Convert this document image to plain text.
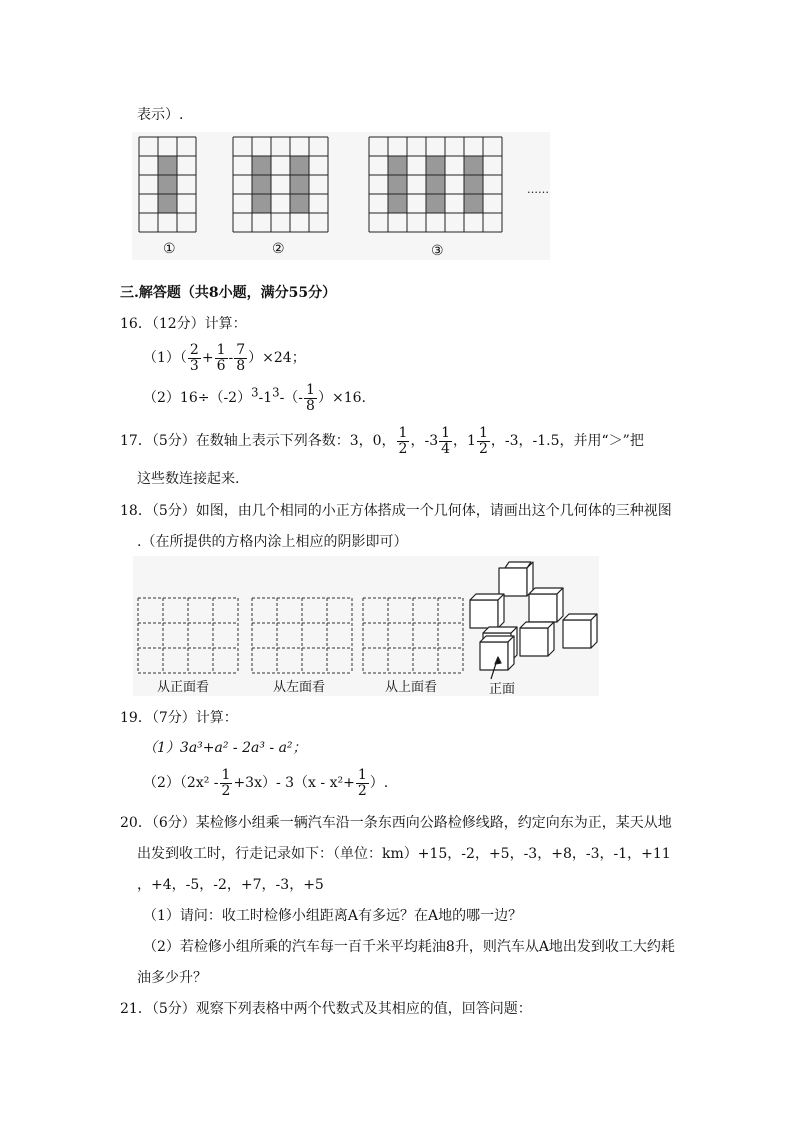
表示）.
①	②	③
……
三.解答题（共8小题，满分55分）
16．（12分）计算：
$(1)( \frac{2}{3} + \frac{1}{6} - \frac{7}{8} )\times 24$；
$(2)16\div(-2)^3-1^3-(- \frac{1}{8} )\times 16$.
17．（5分）在数轴上表示下列各数：3，0， $\frac{1}{2}$ ，$-3 \frac{1}{4}$ ，$1 \frac{1}{2}$ ，-3，-1.5，并用“＞”把
这些数连接起来.
18．（5分）如图，由几个相同的小正方体搭成一个几何体，请画出这个几何体的三种视图
.（在所提供的方格内涂上相应的阴影即可）
从正面看	从左面看	从上面看	正面
19．（7分）计算：
（1）3a³+a² - 2a³ - a²；
$(2)(2x^2 - \frac{1}{2} +3x)-$ $3(x - x^2+ \frac{1}{2}$ ）.
20．（6分）某检修小组乘一辆汽车沿一条东西向公路检修线路，约定向东为正，某天从地
出发到收工时，行走记录如下：（单位：km）+15，-2，+5，-3，+8，-3，-1，+11
，+4，-5，-2，+7，-3，+5
（1）请问：收工时检修小组距离A有多远？在A地的哪一边？
（2）若检修小组所乘的汽车每一百千米平均耗油8升，则汽车从A地出发到收工大约耗
油多少升？
21．（5分）观察下列表格中两个代数式及其相应的值，回答问题：
